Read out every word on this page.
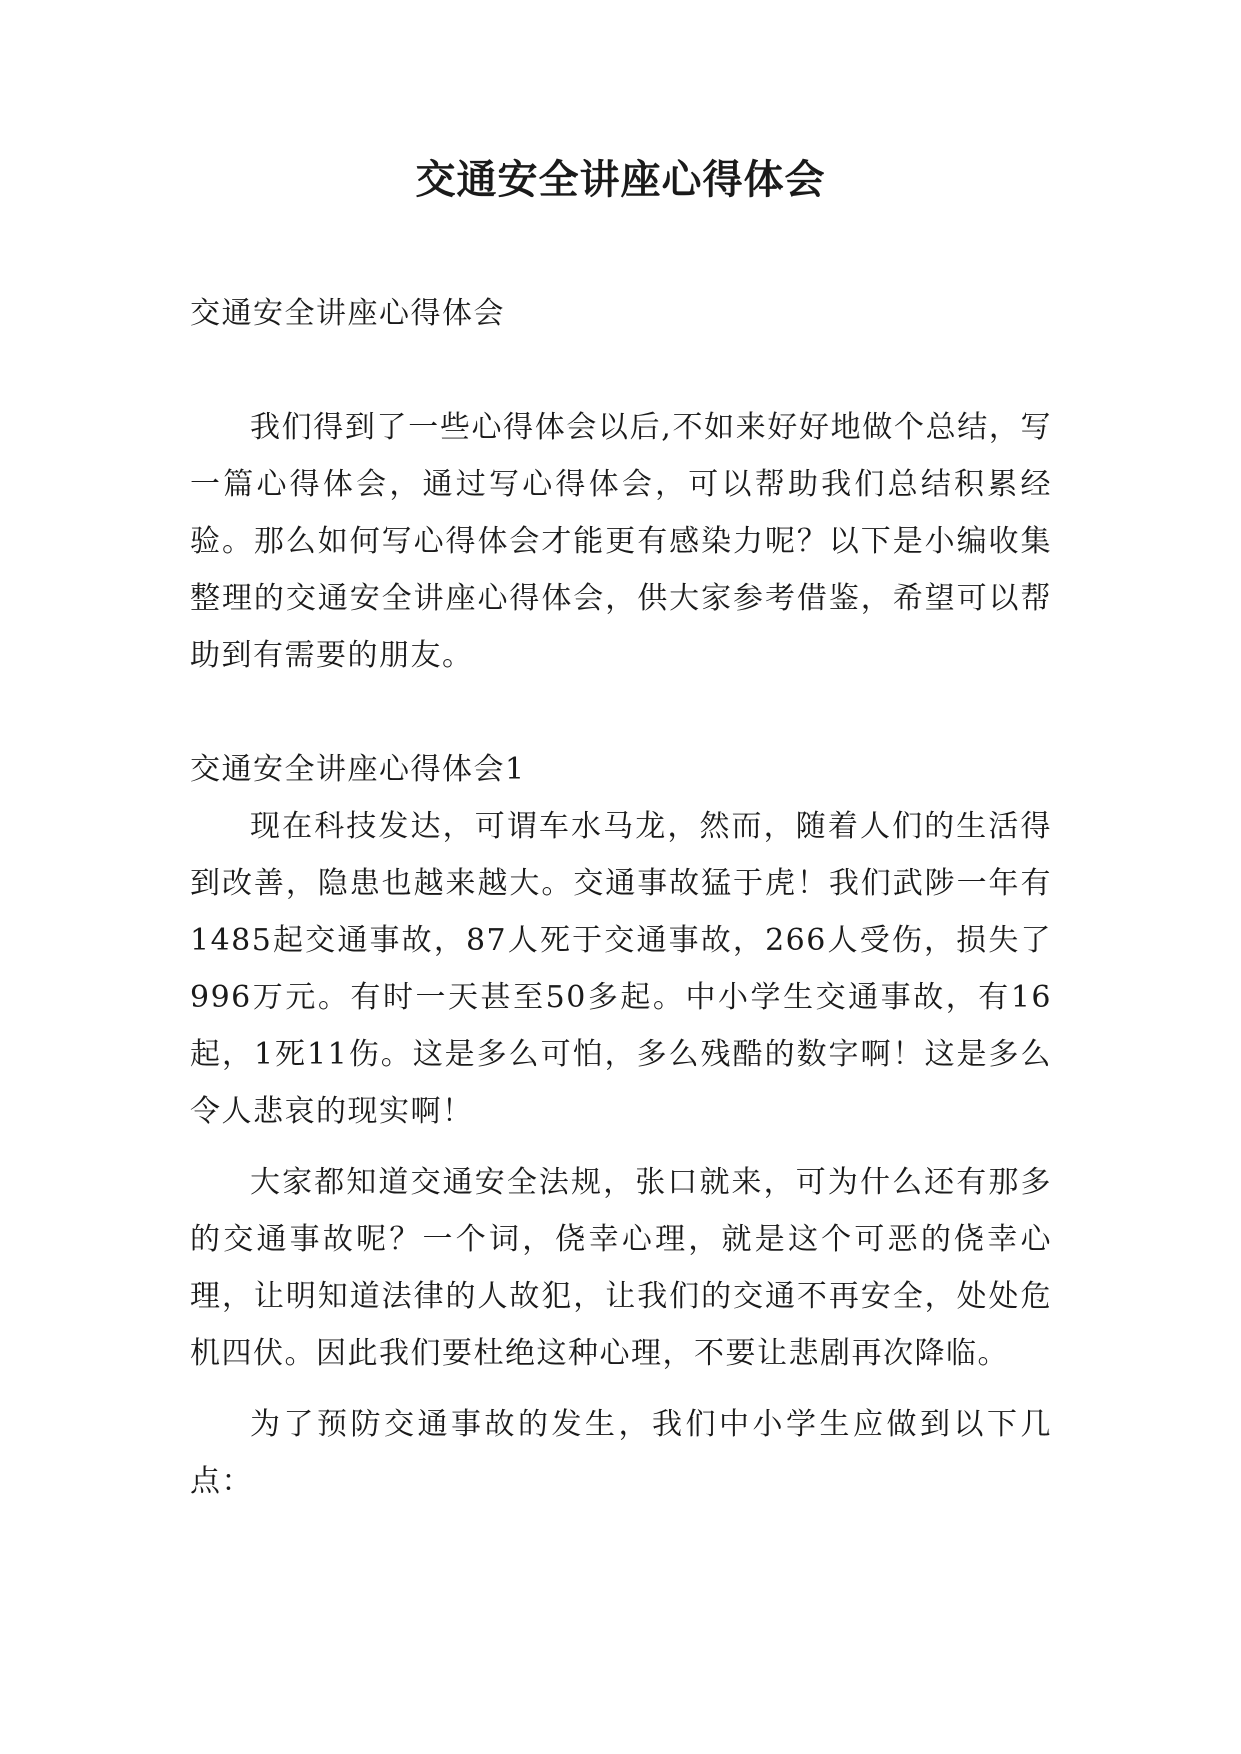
交通安全讲座心得体会

交通安全讲座心得体会

我们得到了一些心得体会以后,不如来好好地做个总结，写一篇心得体会，通过写心得体会，可以帮助我们总结积累经验。那么如何写心得体会才能更有感染力呢？以下是小编收集整理的交通安全讲座心得体会，供大家参考借鉴，希望可以帮助到有需要的朋友。

交通安全讲座心得体会1

现在科技发达，可谓车水马龙，然而，随着人们的生活得到改善，隐患也越来越大。交通事故猛于虎！我们武陟一年有1485起交通事故，87人死于交通事故，266人受伤，损失了996万元。有时一天甚至50多起。中小学生交通事故，有16起，1死11伤。这是多么可怕，多么残酷的数字啊！这是多么令人悲哀的现实啊！

大家都知道交通安全法规，张口就来，可为什么还有那多的交通事故呢？一个词，侥幸心理，就是这个可恶的侥幸心理，让明知道法律的人故犯，让我们的交通不再安全，处处危机四伏。因此我们要杜绝这种心理，不要让悲剧再次降临。

为了预防交通事故的发生，我们中小学生应做到以下几点：
